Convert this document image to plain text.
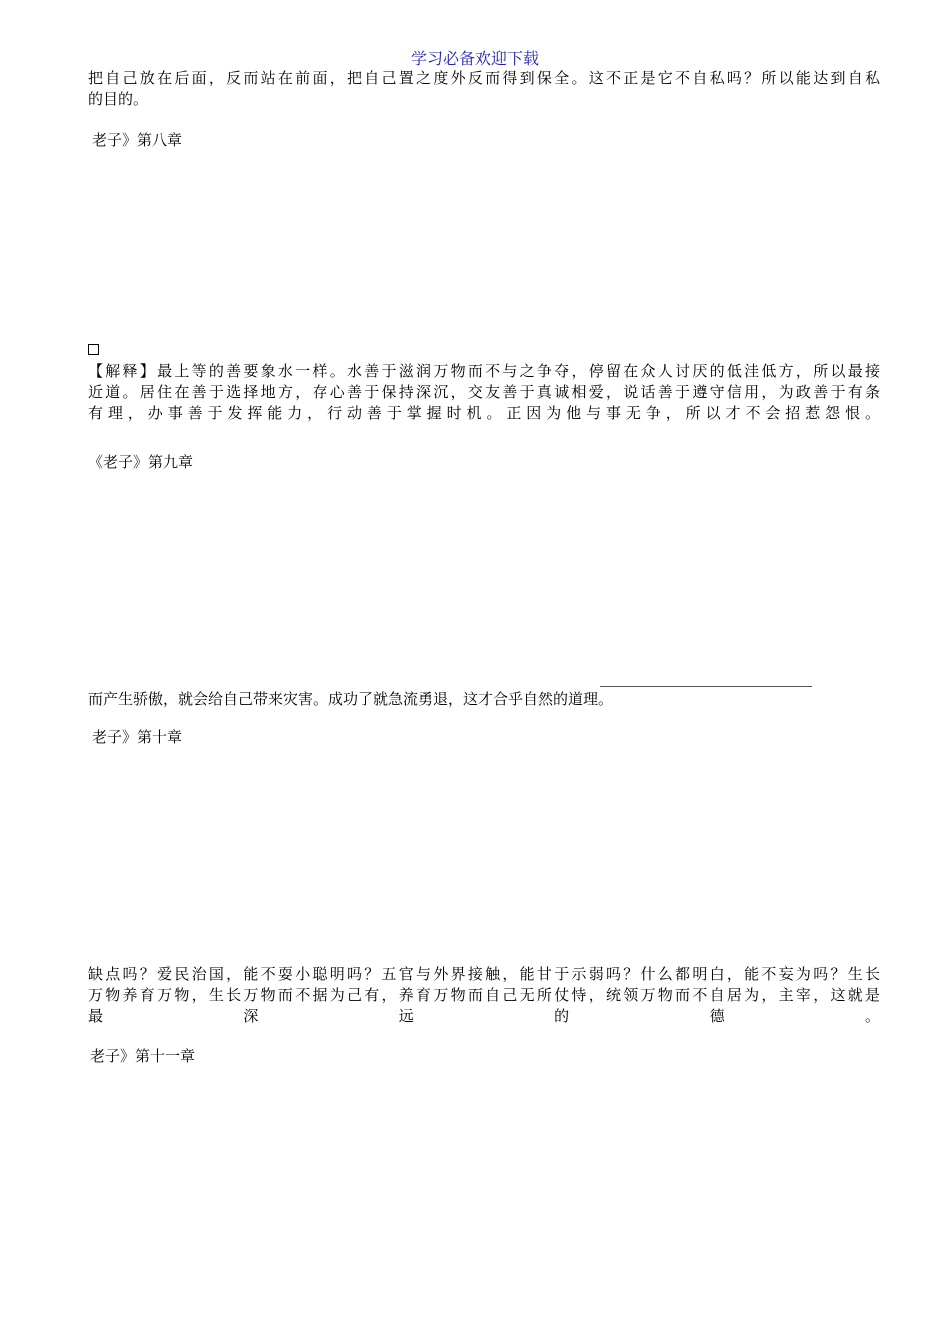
学习必备欢迎下载
把自己放在后面，反而站在前面，把自己置之度外反而得到保全。这不正是它不自私吗？所以能达到自私
的目的。
老子》第八章
【解释】最上等的善要象水一样。水善于滋润万物而不与之争夺，停留在众人讨厌的低洼低方，所以最接
近道。居住在善于选择地方，存心善于保持深沉，交友善于真诚相爱，说话善于遵守信用，为政善于有条
有理，办事善于发挥能力，行动善于掌握时机。正因为他与事无争，所以才不会招惹怨恨。
《老子》第九章
而产生骄傲，就会给自己带来灾害。成功了就急流勇退，这才合乎自然的道理。
老子》第十章
缺点吗？爱民治国，能不耍小聪明吗？五官与外界接触，能甘于示弱吗？什么都明白，能不妄为吗？生长
万物养育万物，生长万物而不据为己有，养育万物而自己无所仗恃，统领万物而不自居为，主宰，这就是
最	深	远	的	德	。
老子》第十一章
